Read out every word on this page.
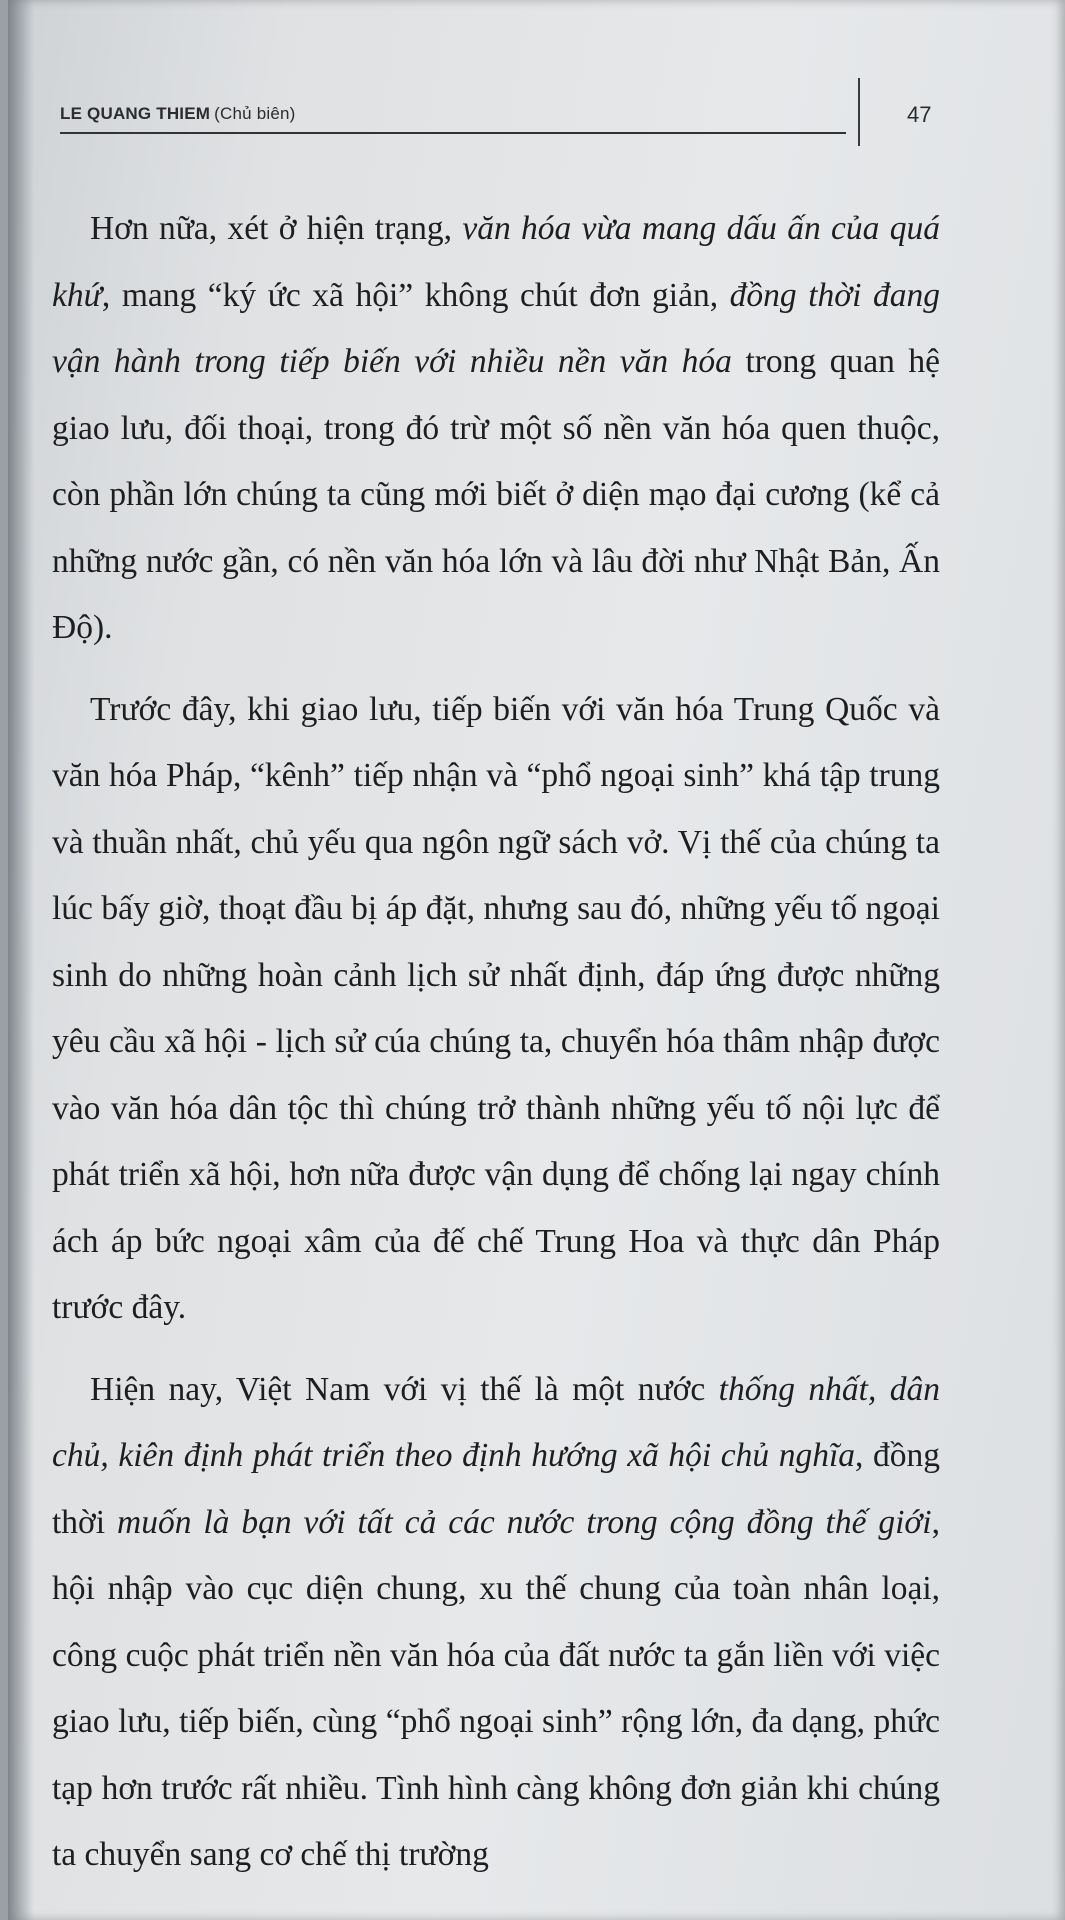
LE QUANG THIEM (Chủ biên)	47

Hơn nữa, xét ở hiện trạng, văn hóa vừa mang dấu ấn của quá khứ, mang “ký ức xã hội” không chút đơn giản, đồng thời đang vận hành trong tiếp biến với nhiều nền văn hóa trong quan hệ giao lưu, đối thoại, trong đó trừ một số nền văn hóa quen thuộc, còn phần lớn chúng ta cũng mới biết ở diện mạo đại cương (kể cả những nước gần, có nền văn hóa lớn và lâu đời như Nhật Bản, Ấn Độ).

Trước đây, khi giao lưu, tiếp biến với văn hóa Trung Quốc và văn hóa Pháp, “kênh” tiếp nhận và “phổ ngoại sinh” khá tập trung và thuần nhất, chủ yếu qua ngôn ngữ sách vở. Vị thế của chúng ta lúc bấy giờ, thoạt đầu bị áp đặt, nhưng sau đó, những yếu tố ngoại sinh do những hoàn cảnh lịch sử nhất định, đáp ứng được những yêu cầu xã hội - lịch sử cúa chúng ta, chuyển hóa thâm nhập được vào văn hóa dân tộc thì chúng trở thành những yếu tố nội lực để phát triển xã hội, hơn nữa được vận dụng để chống lại ngay chính ách áp bức ngoại xâm của đế chế Trung Hoa và thực dân Pháp trước đây.

Hiện nay, Việt Nam với vị thế là một nước thống nhất, dân chủ, kiên định phát triển theo định hướng xã hội chủ nghĩa, đồng thời muốn là bạn với tất cả các nước trong cộng đồng thế giới, hội nhập vào cục diện chung, xu thế chung của toàn nhân loại, công cuộc phát triển nền văn hóa của đất nước ta gắn liền với việc giao lưu, tiếp biến, cùng “phổ ngoại sinh” rộng lớn, đa dạng, phức tạp hơn trước rất nhiều. Tình hình càng không đơn giản khi chúng ta chuyển sang cơ chế thị trường
